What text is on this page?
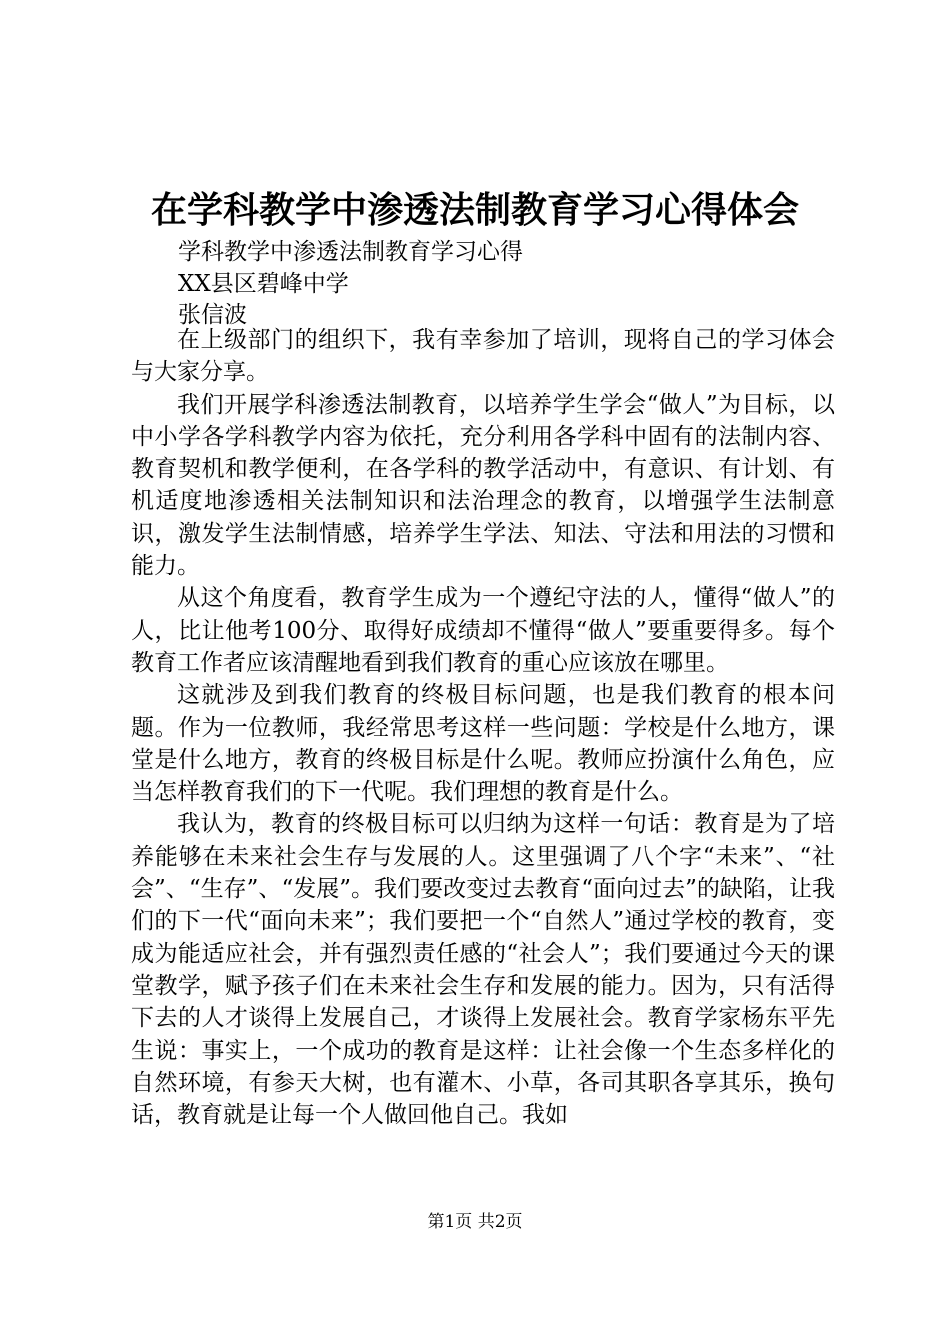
在学科教学中渗透法制教育学习心得体会
学科教学中渗透法制教育学习心得
XX县区碧峰中学
张信波

在上级部门的组织下，我有幸参加了培训，现将自己的学习体会与大家分享。

我们开展学科渗透法制教育，以培养学生学会“做人”为目标，以中小学各学科教学内容为依托，充分利用各学科中固有的法制内容、教育契机和教学便利，在各学科的教学活动中，有意识、有计划、有机适度地渗透相关法制知识和法治理念的教育，以增强学生法制意识，激发学生法制情感，培养学生学法、知法、守法和用法的习惯和能力。

从这个角度看，教育学生成为一个遵纪守法的人，懂得“做人”的人，比让他考100分、取得好成绩却不懂得“做人”要重要得多。每个教育工作者应该清醒地看到我们教育的重心应该放在哪里。

这就涉及到我们教育的终极目标问题，也是我们教育的根本问题。作为一位教师，我经常思考这样一些问题：学校是什么地方，课堂是什么地方，教育的终极目标是什么呢。教师应扮演什么角色，应当怎样教育我们的下一代呢。我们理想的教育是什么。

我认为，教育的终极目标可以归纳为这样一句话：教育是为了培养能够在未来社会生存与发展的人。这里强调了八个字“未来”、“社会”、“生存”、“发展”。我们要改变过去教育“面向过去”的缺陷，让我们的下一代“面向未来”；我们要把一个“自然人”通过学校的教育，变成为能适应社会，并有强烈责任感的“社会人”；我们要通过今天的课堂教学，赋予孩子们在未来社会生存和发展的能力。因为，只有活得下去的人才谈得上发展自己，才谈得上发展社会。教育学家杨东平先生说：事实上，一个成功的教育是这样：让社会像一个生态多样化的自然环境，有参天大树，也有灌木、小草，各司其职各享其乐，换句话，教育就是让每一个人做回他自己。我如

第1页 共2页
